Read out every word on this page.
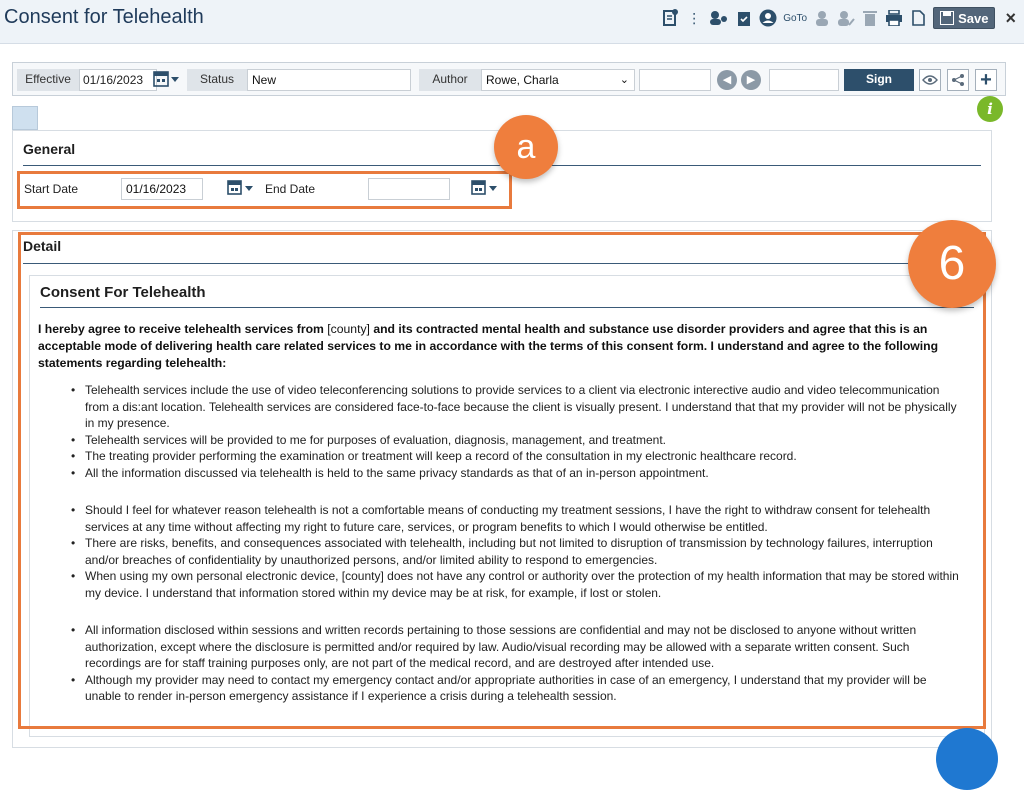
Consent for Telehealth	⋮	GoTo	Save ×
Effective	01/16/2023	Status	New	Author	Rowe, Charla	⌄	◀	▶	Sign	+
i
General
Start Date	01/16/2023	End Date
Detail
Consent For Telehealth
I hereby agree to receive telehealth services from [county] and its contracted mental health and substance use disorder providers and agree that this is an acceptable mode of delivering health care related services to me in accordance with the terms of this consent form. I understand and agree to the following statements regarding telehealth:
• Telehealth services include the use of video teleconferencing solutions to provide services to a client via electronic interective audio and video telecommunication from a dis:ant location. Telehealth services are considered face-to-face because the client is visually present. I understand that that my provider will not be physically in my presence.
• Telehealth services will be provided to me for purposes of evaluation, diagnosis, management, and treatment.
• The treating provider performing the examination or treatment will keep a record of the consultation in my electronic healthcare record.
• All the information discussed via telehealth is held to the same privacy standards as that of an in-person appointment.
• Should I feel for whatever reason telehealth is not a comfortable means of conducting my treatment sessions, I have the right to withdraw consent for telehealth services at any time without affecting my right to future care, services, or program benefits to which I would otherwise be entitled.
• There are risks, benefits, and consequences associated with telehealth, including but not limited to disruption of transmission by technology failures, interruption and/or breaches of confidentiality by unauthorized persons, and/or limited ability to respond to emergencies.
• When using my own personal electronic device, [county] does not have any control or authority over the protection of my health information that may be stored within my device. I understand that information stored within my device may be at risk, for example, if lost or stolen.
• All information disclosed within sessions and written records pertaining to those sessions are confidential and may not be disclosed to anyone without written authorization, except where the disclosure is permitted and/or required by law. Audio/visual recording may be allowed with a separate written consent. Such recordings are for staff training purposes only, are not part of the medical record, and are destroyed after intended use.
• Although my provider may need to contact my emergency contact and/or appropriate authorities in case of an emergency, I understand that my provider will be unable to render in-person emergency assistance if I experience a crisis during a telehealth session.
a
6
